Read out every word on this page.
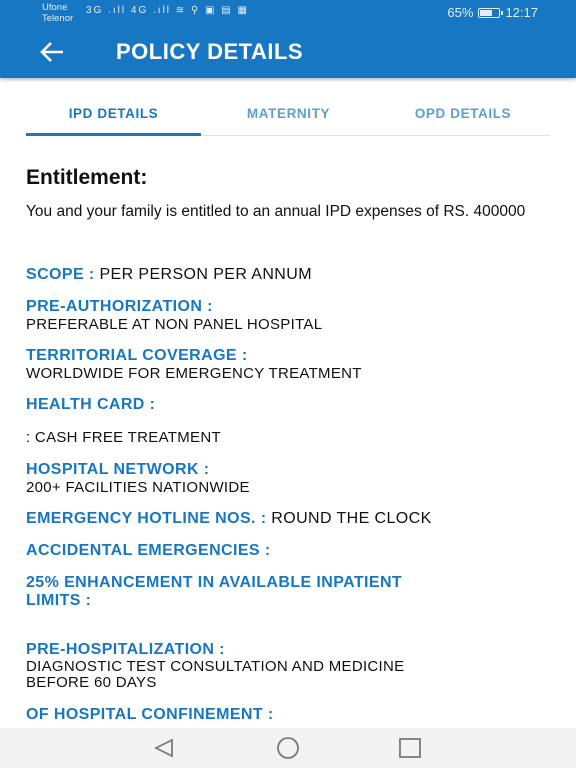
Ufone
Telenor
3G .ıll 4G .ıll ≋ ⚲ ▣ ▤ ▦	65% 12:17
POLICY DETAILS
IPD DETAILS	MATERNITY	OPD DETAILS
Entitlement:
You and your family is entitled to an annual IPD expenses of RS. 400000
SCOPE : PER PERSON PER ANNUM
PRE-AUTHORIZATION :
PREFERABLE AT NON PANEL HOSPITAL
TERRITORIAL COVERAGE :
WORLDWIDE FOR EMERGENCY TREATMENT
HEALTH CARD :
: CASH FREE TREATMENT
HOSPITAL NETWORK :
200+ FACILITIES NATIONWIDE
EMERGENCY HOTLINE NOS. : ROUND THE CLOCK
ACCIDENTAL EMERGENCIES :
25% ENHANCEMENT IN AVAILABLE INPATIENT
LIMITS :
PRE-HOSPITALIZATION :
DIAGNOSTIC TEST CONSULTATION AND MEDICINE
BEFORE 60 DAYS
OF HOSPITAL CONFINEMENT :
